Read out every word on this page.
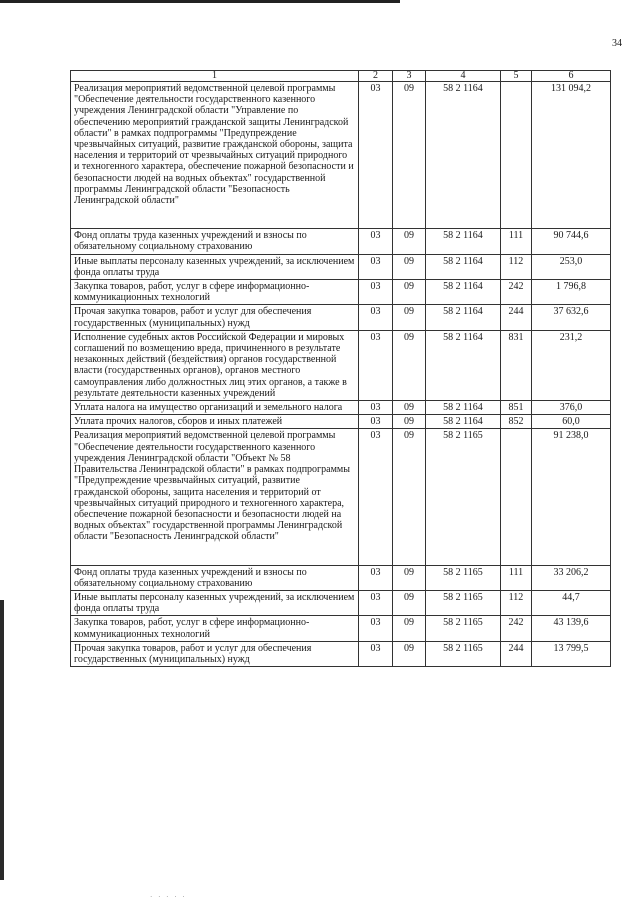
34
1	2	3	4	5	6
Реализация мероприятий ведомственной целевой программы "Обеспечение деятельности государственного казенного учреждения Ленинградской области "Управление по обеспечению мероприятий гражданской защиты Ленинградской области" в рамках подпрограммы "Предупреждение чрезвычайных ситуаций, развитие гражданской обороны, защита населения и территорий от чрезвычайных ситуаций природного и техногенного характера, обеспечение пожарной безопасности и безопасности людей на водных объектах" государственной программы Ленинградской области "Безопасность Ленинградской области"	03	09	58 2 1164		131 094,2
Фонд оплаты труда казенных учреждений и взносы по обязательному социальному страхованию	03	09	58 2 1164	111	90 744,6
Иные выплаты персоналу казенных учреждений, за исключением фонда оплаты труда	03	09	58 2 1164	112	253,0
Закупка товаров, работ, услуг в сфере информационно-коммуникационных технологий	03	09	58 2 1164	242	1 796,8
Прочая закупка товаров, работ и услуг для обеспечения государственных (муниципальных) нужд	03	09	58 2 1164	244	37 632,6
Исполнение судебных актов Российской Федерации и мировых соглашений по возмещению вреда, причиненного в результате незаконных действий (бездействия) органов государственной власти (государственных органов), органов местного самоуправления либо должностных лиц этих органов, а также в результате деятельности казенных учреждений	03	09	58 2 1164	831	231,2
Уплата налога на имущество организаций и земельного налога	03	09	58 2 1164	851	376,0
Уплата прочих налогов, сборов и иных платежей	03	09	58 2 1164	852	60,0
Реализация мероприятий ведомственной целевой программы "Обеспечение деятельности государственного казенного учреждения Ленинградской области "Объект № 58 Правительства Ленинградской области" в рамках подпрограммы "Предупреждение чрезвычайных ситуаций, развитие гражданской обороны, защита населения и территорий от чрезвычайных ситуаций природного и техногенного характера, обеспечение пожарной безопасности и безопасности людей на водных объектах" государственной программы Ленинградской области "Безопасность Ленинградской области"	03	09	58 2 1165		91 238,0
Фонд оплаты труда казенных учреждений и взносы по обязательному социальному страхованию	03	09	58 2 1165	111	33 206,2
Иные выплаты персоналу казенных учреждений, за исключением фонда оплаты труда	03	09	58 2 1165	112	44,7
Закупка товаров, работ, услуг в сфере информационно-коммуникационных технологий	03	09	58 2 1165	242	43 139,6
Прочая закупка товаров, работ и услуг для обеспечения государственных (муниципальных) нужд	03	09	58 2 1165	244	13 799,5
· · · · ·
